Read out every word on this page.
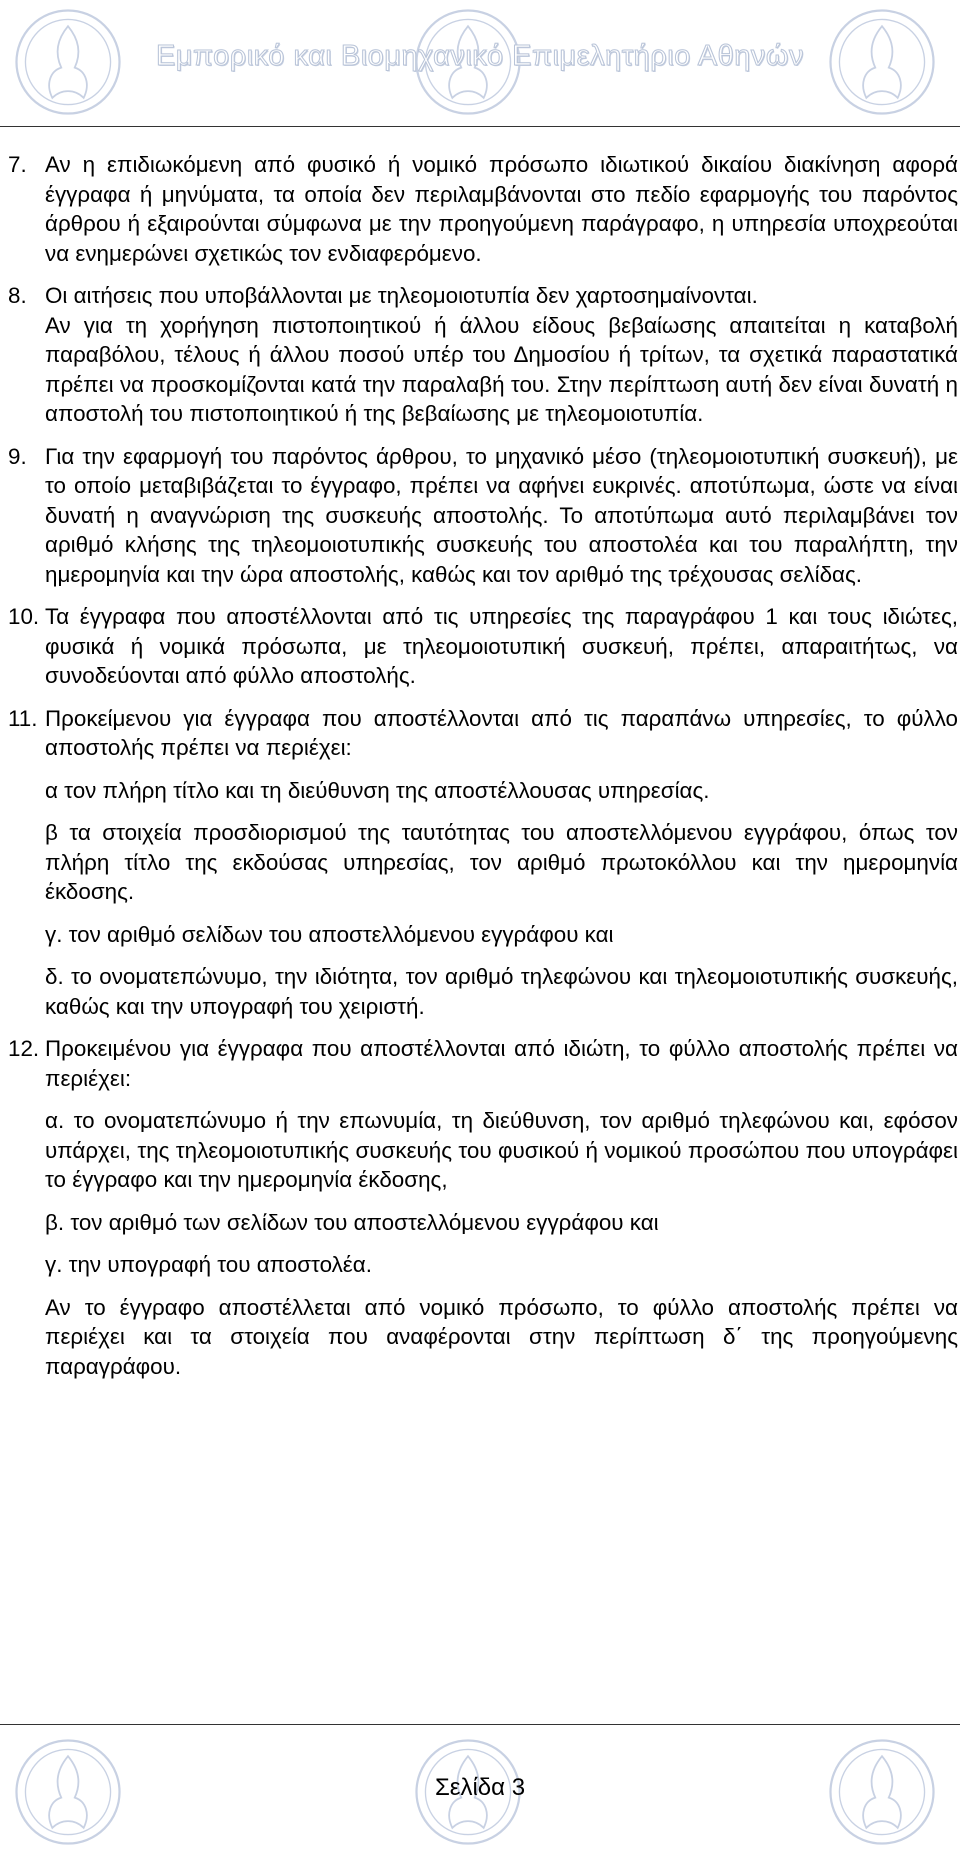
Εμπορικό και Βιομηχανικό Επιμελητήριο Αθηνών
7. Αν η επιδιωκόμενη από φυσικό ή νομικό πρόσωπο ιδιωτικού δικαίου διακίνηση αφορά έγγραφα ή μηνύματα, τα οποία δεν περιλαμβάνονται στο πεδίο εφαρμογής του παρόντος άρθρου ή εξαιρούνται σύμφωνα με την προηγούμενη παράγραφο, η υπηρεσία υποχρεούται να ενημερώνει σχετικώς τον ενδιαφερόμενο.
8. Οι αιτήσεις που υποβάλλονται με τηλεομοιοτυπία δεν χαρτοσημαίνονται.

Αν για τη χορήγηση πιστοποιητικού ή άλλου είδους βεβαίωσης απαιτείται η καταβολή παραβόλου, τέλους ή άλλου ποσού υπέρ του Δημοσίου ή τρίτων, τα σχετικά παραστατικά πρέπει να προσκομίζονται κατά την παραλαβή του. Στην περίπτωση αυτή δεν είναι δυνατή η αποστολή του πιστοποιητικού ή της βεβαίωσης με τηλεομοιοτυπία.

9. Για την εφαρμογή του παρόντος άρθρου, το μηχανικό μέσο (τηλεομοιοτυπική συσκευή), με το οποίο μεταβιβάζεται το έγγραφο, πρέπει να αφήνει ευκρινές. αποτύπωμα, ώστε να είναι δυνατή η αναγνώριση της συσκευής αποστολής. Το αποτύπωμα αυτό περιλαμβάνει τον αριθμό κλήσης της τηλεομοιοτυπικής συσκευής του αποστολέα και του παραλήπτη, την ημερομηνία και την ώρα αποστολής, καθώς και τον αριθμό της τρέχουσας σελίδας.
10. Τα έγγραφα που αποστέλλονται από τις υπηρεσίες της παραγράφου 1 και τους ιδιώτες, φυσικά ή νομικά πρόσωπα, με τηλεομοιοτυπική συσκευή, πρέπει, απαραιτήτως, να συνοδεύονται από φύλλο αποστολής.
11. Προκείμενου για έγγραφα που αποστέλλονται από τις παραπάνω υπηρεσίες, το φύλλο αποστολής πρέπει να περιέχει:
α τον πλήρη τίτλο και τη διεύθυνση της αποστέλλουσας υπηρεσίας.
β τα στοιχεία προσδιορισμού της ταυτότητας του αποστελλόμενου εγγράφου, όπως τον πλήρη τίτλο της εκδούσας υπηρεσίας, τον αριθμό πρωτοκόλλου και την ημερομηνία έκδοσης.
γ. τον αριθμό σελίδων του αποστελλόμενου εγγράφου και
δ. το ονοματεπώνυμο, την ιδιότητα, τον αριθμό τηλεφώνου και τηλεομοιοτυπικής συσκευής, καθώς και την υπογραφή του χειριστή.
12. Προκειμένου για έγγραφα που αποστέλλονται από ιδιώτη, το φύλλο αποστολής πρέπει να περιέχει:
α. το ονοματεπώνυμο ή την επωνυμία, τη διεύθυνση, τον αριθμό τηλεφώνου και, εφόσον υπάρχει, της τηλεομοιοτυπικής συσκευής του φυσικού ή νομικού προσώπου που υπογράφει το έγγραφο και την ημερομηνία έκδοσης,
β. τον αριθμό των σελίδων του αποστελλόμενου εγγράφου και
γ. την υπογραφή του αποστολέα.
Αν το έγγραφο αποστέλλεται από νομικό πρόσωπο, το φύλλο αποστολής πρέπει να περιέχει και τα στοιχεία που αναφέρονται στην περίπτωση δ΄ της προηγούμενης παραγράφου.
Σελίδα 3
